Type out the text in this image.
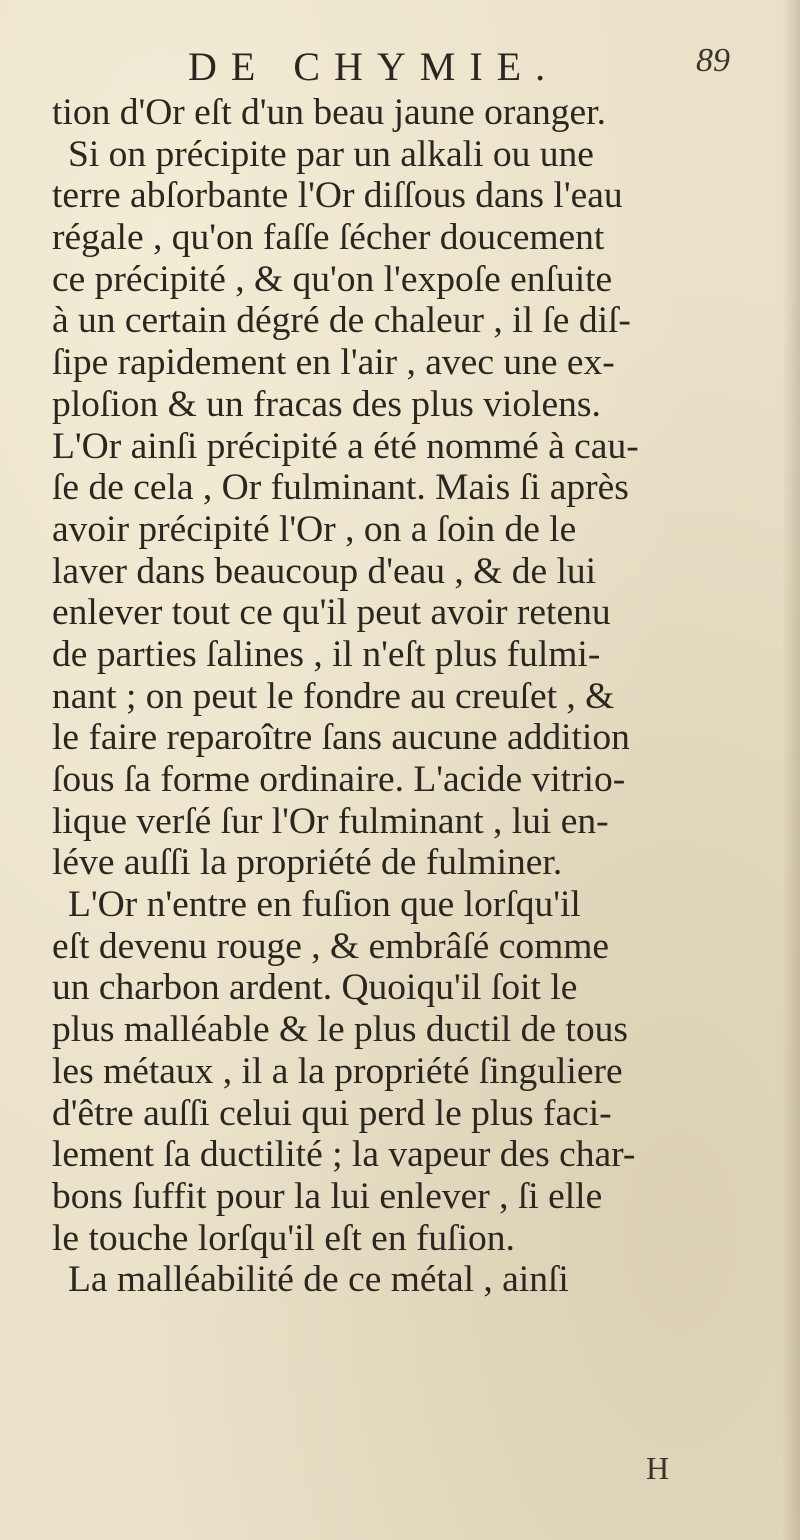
DE CHYMIE.	89
tion d'Or eſt d'un beau jaune oranger.
Si on précipite par un alkali ou une
terre abſorbante l'Or diſſous dans l'eau
régale , qu'on faſſe ſécher doucement
ce précipité , & qu'on l'expoſe enſuite
à un certain dégré de chaleur , il ſe diſ-
ſipe rapidement en l'air , avec une ex-
ploſion & un fracas des plus violens.
L'Or ainſi précipité a été nommé à cau-
ſe de cela , Or fulminant. Mais ſi après
avoir précipité l'Or , on a ſoin de le
laver dans beaucoup d'eau , & de lui
enlever tout ce qu'il peut avoir retenu
de parties ſalines , il n'eſt plus fulmi-
nant ; on peut le fondre au creuſet , &
le faire reparoître ſans aucune addition
ſous ſa forme ordinaire. L'acide vitrio-
lique verſé ſur l'Or fulminant , lui en-
léve auſſi la propriété de fulminer.
L'Or n'entre en fuſion que lorſqu'il
eſt devenu rouge , & embrâſé comme
un charbon ardent. Quoiqu'il ſoit le
plus malléable & le plus ductil de tous
les métaux , il a la propriété ſinguliere
d'être auſſi celui qui perd le plus faci-
lement ſa ductilité ; la vapeur des char-
bons ſuffit pour la lui enlever , ſi elle
le touche lorſqu'il eſt en fuſion.
La malléabilité de ce métal , ainſi
H
